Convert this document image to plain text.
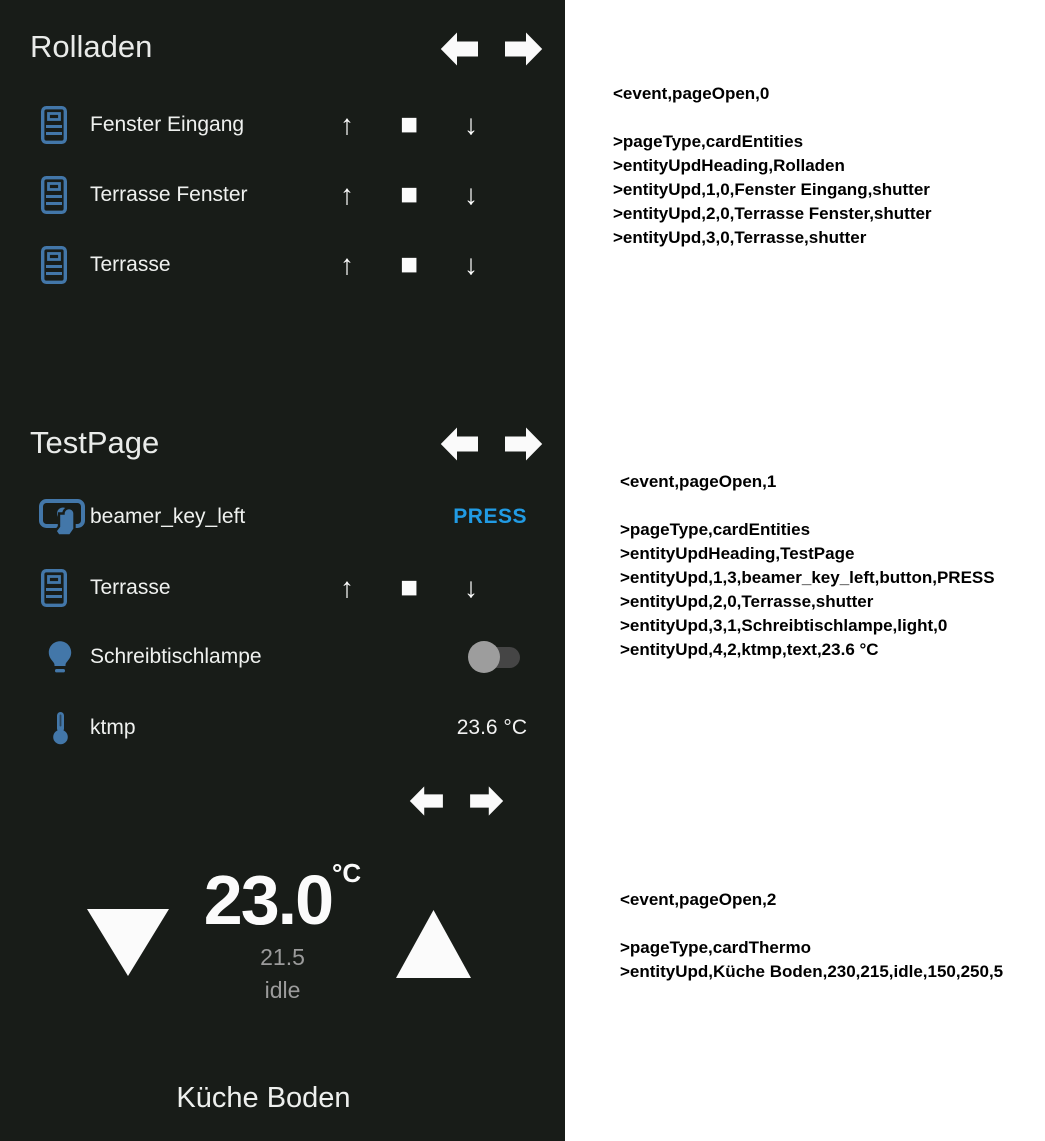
Rolladen
Fenster Eingang	↑	■	↓
Terrasse Fenster	↑	■	↓
Terrasse	↑	■	↓
TestPage
beamer_key_left	PRESS
Terrasse	↑	■	↓
Schreibtischlampe
ktmp	23.6 °C
$23.0^{^\circ C}$
21.5
idle
Küche Boden
<event,pageOpen,0
>pageType,cardEntities
>entityUpdHeading,Rolladen
>entityUpd,1,0,Fenster Eingang,shutter
>entityUpd,2,0,Terrasse Fenster,shutter
>entityUpd,3,0,Terrasse,shutter
<event,pageOpen,1
>pageType,cardEntities
>entityUpdHeading,TestPage
>entityUpd,1,3,beamer_key_left,button,PRESS
>entityUpd,2,0,Terrasse,shutter
>entityUpd,3,1,Schreibtischlampe,light,0
>entityUpd,4,2,ktmp,text,23.6 °C
<event,pageOpen,2
>pageType,cardThermo
>entityUpd,Küche Boden,230,215,idle,150,250,5
